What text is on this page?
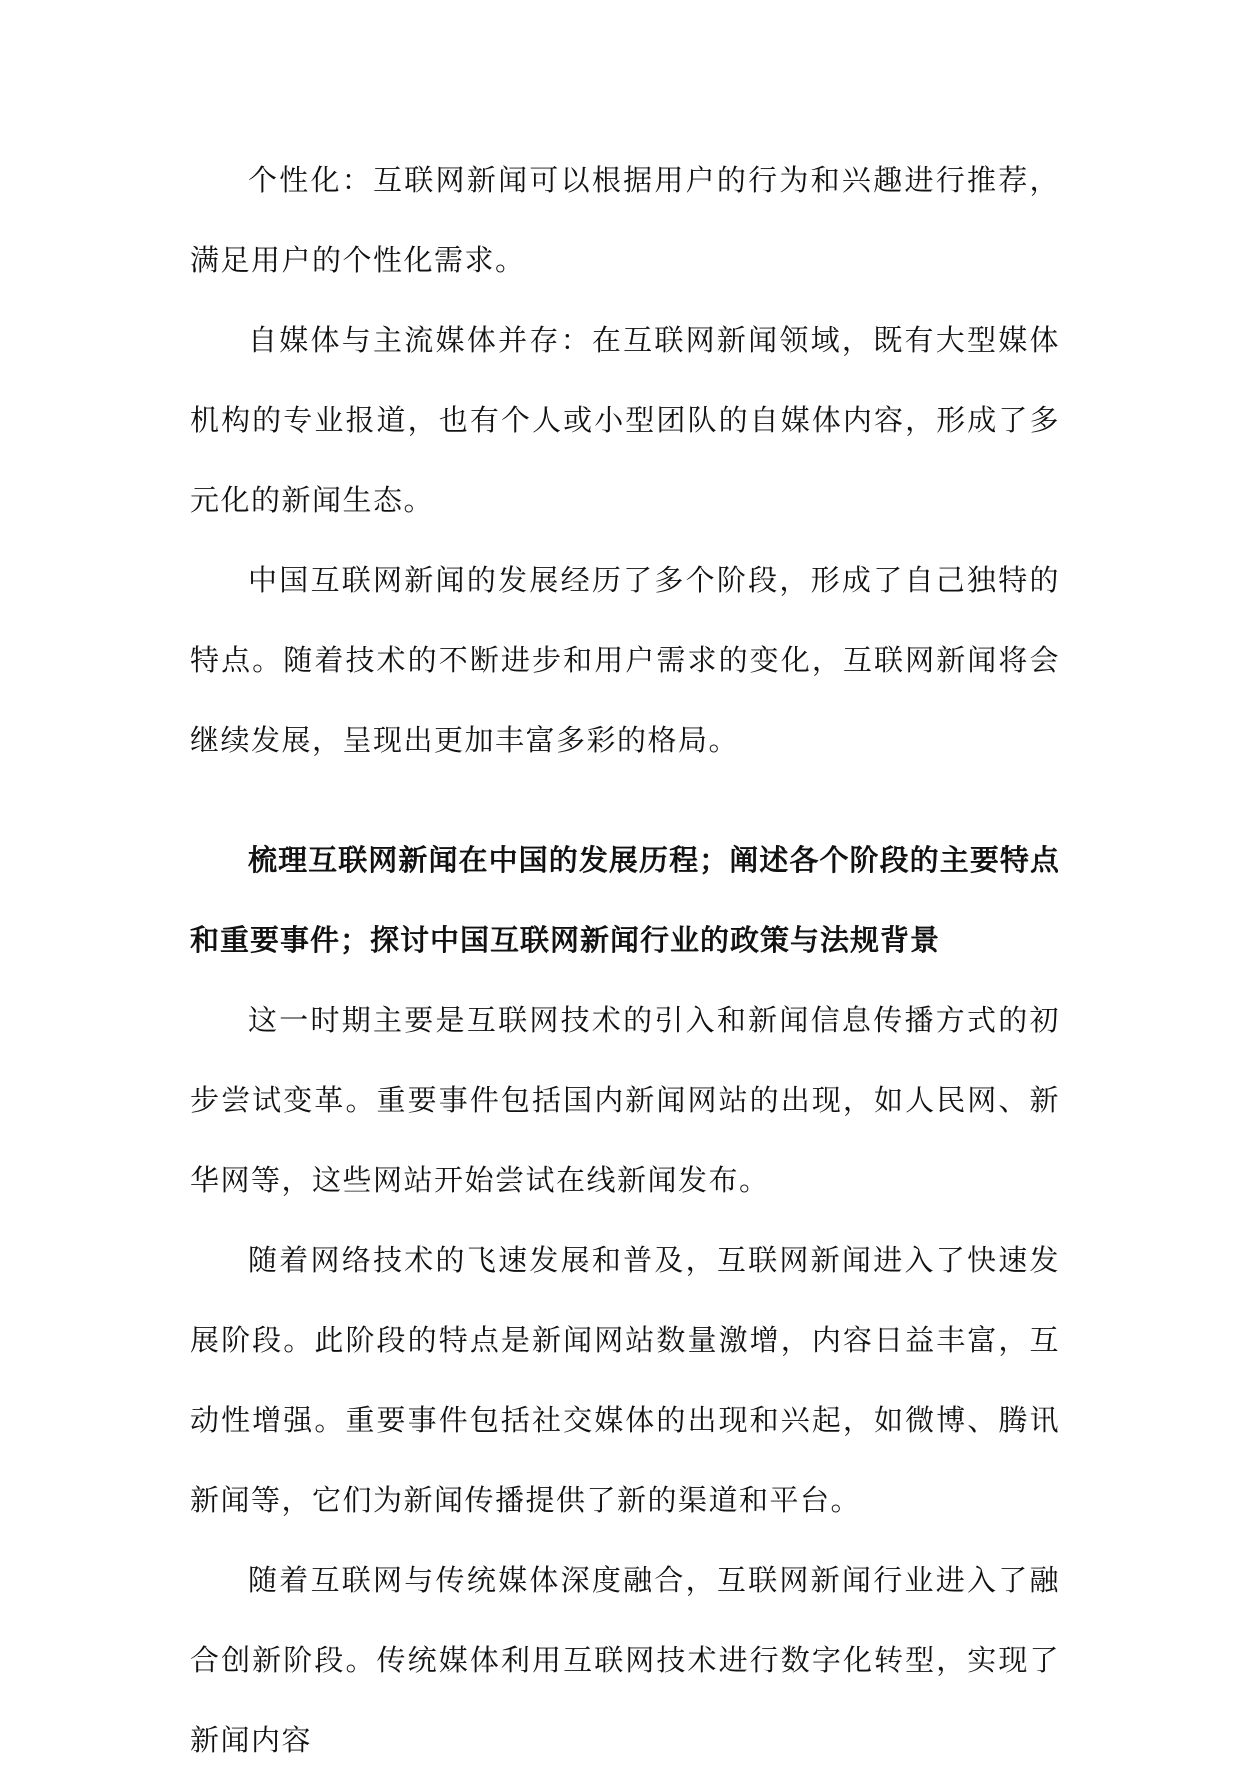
个性化：互联网新闻可以根据用户的行为和兴趣进行推荐，满足用户的个性化需求。

自媒体与主流媒体并存：在互联网新闻领域，既有大型媒体机构的专业报道，也有个人或小型团队的自媒体内容，形成了多元化的新闻生态。

中国互联网新闻的发展经历了多个阶段，形成了自己独特的特点。随着技术的不断进步和用户需求的变化，互联网新闻将会继续发展，呈现出更加丰富多彩的格局。

梳理互联网新闻在中国的发展历程；阐述各个阶段的主要特点和重要事件；探讨中国互联网新闻行业的政策与法规背景

这一时期主要是互联网技术的引入和新闻信息传播方式的初步尝试变革。重要事件包括国内新闻网站的出现，如人民网、新华网等，这些网站开始尝试在线新闻发布。

随着网络技术的飞速发展和普及，互联网新闻进入了快速发展阶段。此阶段的特点是新闻网站数量激增，内容日益丰富，互动性增强。重要事件包括社交媒体的出现和兴起，如微博、腾讯新闻等，它们为新闻传播提供了新的渠道和平台。

随着互联网与传统媒体深度融合，互联网新闻行业进入了融合创新阶段。传统媒体利用互联网技术进行数字化转型，实现了新闻内容
